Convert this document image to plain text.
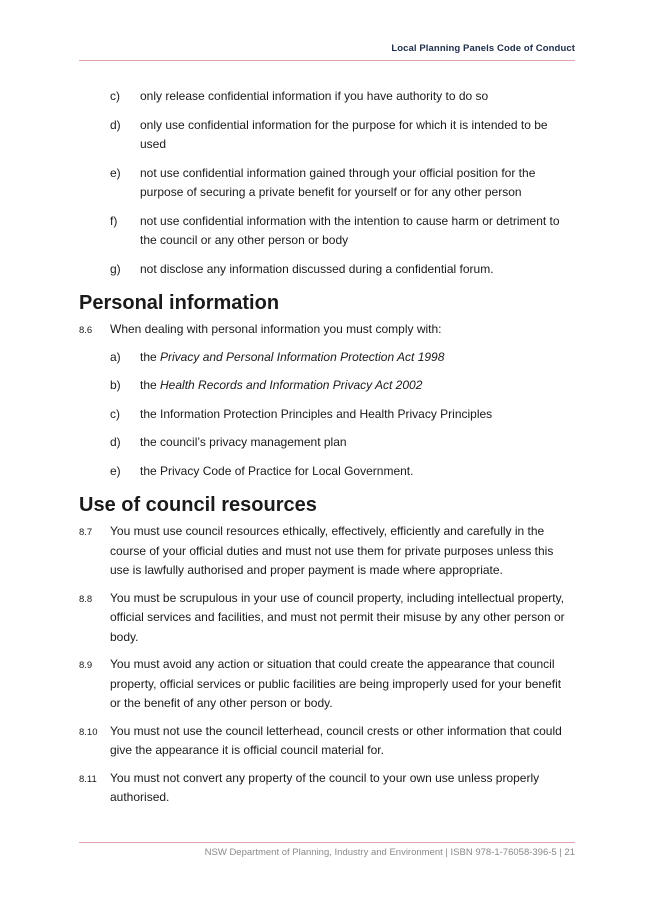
Local Planning Panels Code of Conduct
c) only release confidential information if you have authority to do so
d) only use confidential information for the purpose for which it is intended to be used
e) not use confidential information gained through your official position for the purpose of securing a private benefit for yourself or for any other person
f) not use confidential information with the intention to cause harm or detriment to the council or any other person or body
g) not disclose any information discussed during a confidential forum.
Personal information
8.6 When dealing with personal information you must comply with:
a) the Privacy and Personal Information Protection Act 1998
b) the Health Records and Information Privacy Act 2002
c) the Information Protection Principles and Health Privacy Principles
d) the council’s privacy management plan
e) the Privacy Code of Practice for Local Government.
Use of council resources
8.7 You must use council resources ethically, effectively, efficiently and carefully in the course of your official duties and must not use them for private purposes unless this use is lawfully authorised and proper payment is made where appropriate.
8.8 You must be scrupulous in your use of council property, including intellectual property, official services and facilities, and must not permit their misuse by any other person or body.
8.9 You must avoid any action or situation that could create the appearance that council property, official services or public facilities are being improperly used for your benefit or the benefit of any other person or body.
8.10 You must not use the council letterhead, council crests or other information that could give the appearance it is official council material for.
8.11 You must not convert any property of the council to your own use unless properly authorised.
NSW Department of Planning, Industry and Environment | ISBN 978-1-76058-396-5 | 21
